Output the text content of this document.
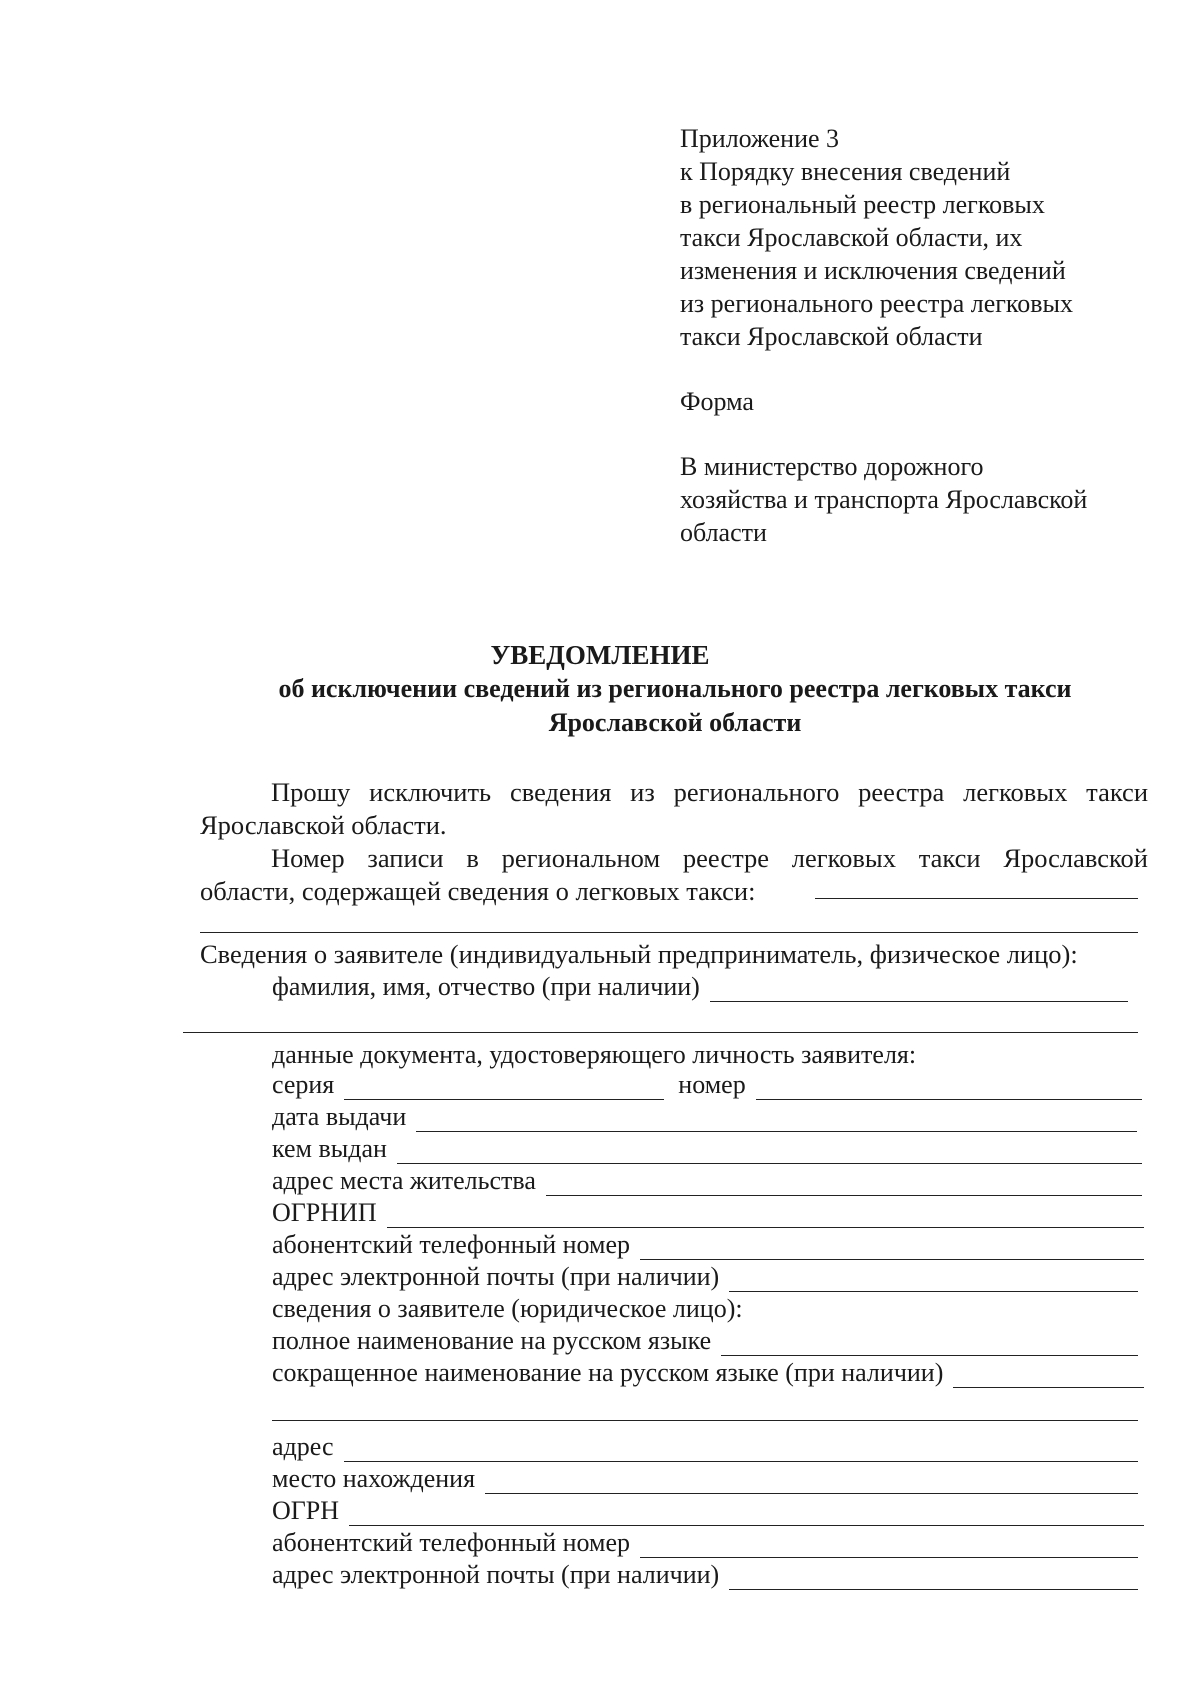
Приложение 3
к Порядку внесения сведений
в региональный реестр легковых
такси Ярославской области, их
изменения и исключения сведений
из регионального реестра легковых
такси Ярославской области
Форма
В министерство дорожного
хозяйства и транспорта Ярославской
области
УВЕДОМЛЕНИЕ
об исключении сведений из регионального реестра легковых такси Ярославской области
Прошу исключить сведения из регионального реестра легковых такси
Ярославской области.
Номер записи в региональном реестре легковых такси Ярославской
области, содержащей сведения о легковых такси:
Сведения о заявителе (индивидуальный предприниматель, физическое лицо):
фамилия, имя, отчество (при наличии)
данные документа, удостоверяющего личность заявителя:
серия	номер
дата выдачи
кем выдан
адрес места жительства
ОГРНИП
абонентский телефонный номер
адрес электронной почты (при наличии)
сведения о заявителе (юридическое лицо):
полное наименование на русском языке
сокращенное наименование на русском языке (при наличии)
адрес
место нахождения
ОГРН
абонентский телефонный номер
адрес электронной почты (при наличии)
